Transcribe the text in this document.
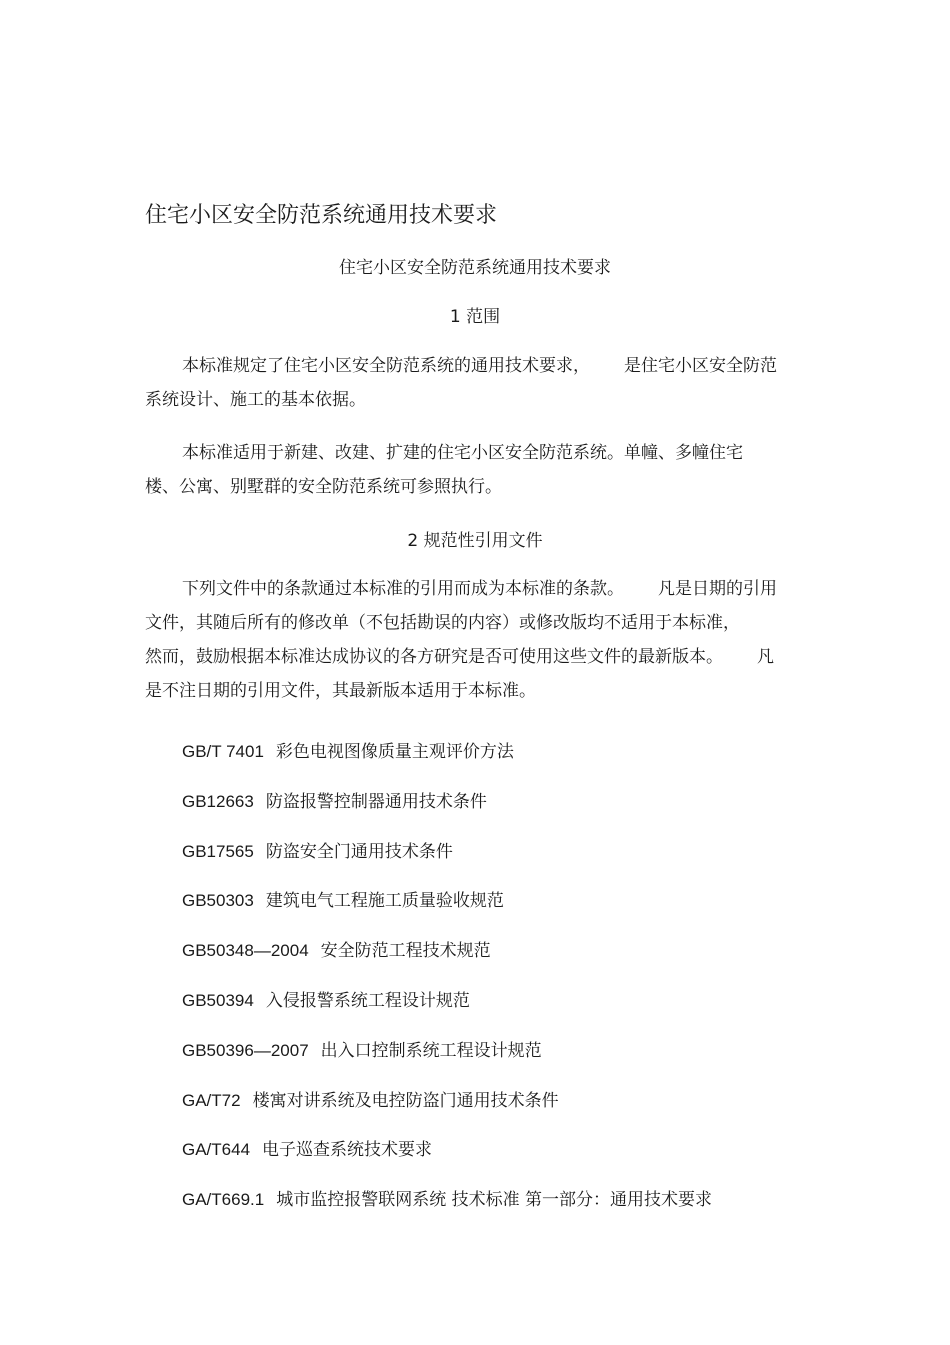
住宅小区安全防范系统通用技术要求
住宅小区安全防范系统通用技术要求
1 范围

本标准规定了住宅小区安全防范系统的通用技术要求， 是住宅小区安全防范
系统设计、施工的基本依据。

本标准适用于新建、改建、扩建的住宅小区安全防范系统。单幢、多幢住宅
楼、公寓、别墅群的安全防范系统可参照执行。

2 规范性引用文件

下列文件中的条款通过本标准的引用而成为本标准的条款。 凡是日期的引用
文件，其随后所有的修改单（不包括勘误的内容）或修改版均不适用于本标准，
然而，鼓励根据本标准达成协议的各方研究是否可使用这些文件的最新版本。 凡
是不注日期的引用文件，其最新版本适用于本标准。

GB/T 7401 彩色电视图像质量主观评价方法
GB12663 防盗报警控制器通用技术条件
GB17565 防盗安全门通用技术条件
GB50303 建筑电气工程施工质量验收规范
GB50348—2004 安全防范工程技术规范
GB50394 入侵报警系统工程设计规范
GB50396—2007 出入口控制系统工程设计规范
GA/T72 楼寓对讲系统及电控防盗门通用技术条件
GA/T644 电子巡查系统技术要求
GA/T669.1 城市监控报警联网系统 技术标准 第一部分：通用技术要求
